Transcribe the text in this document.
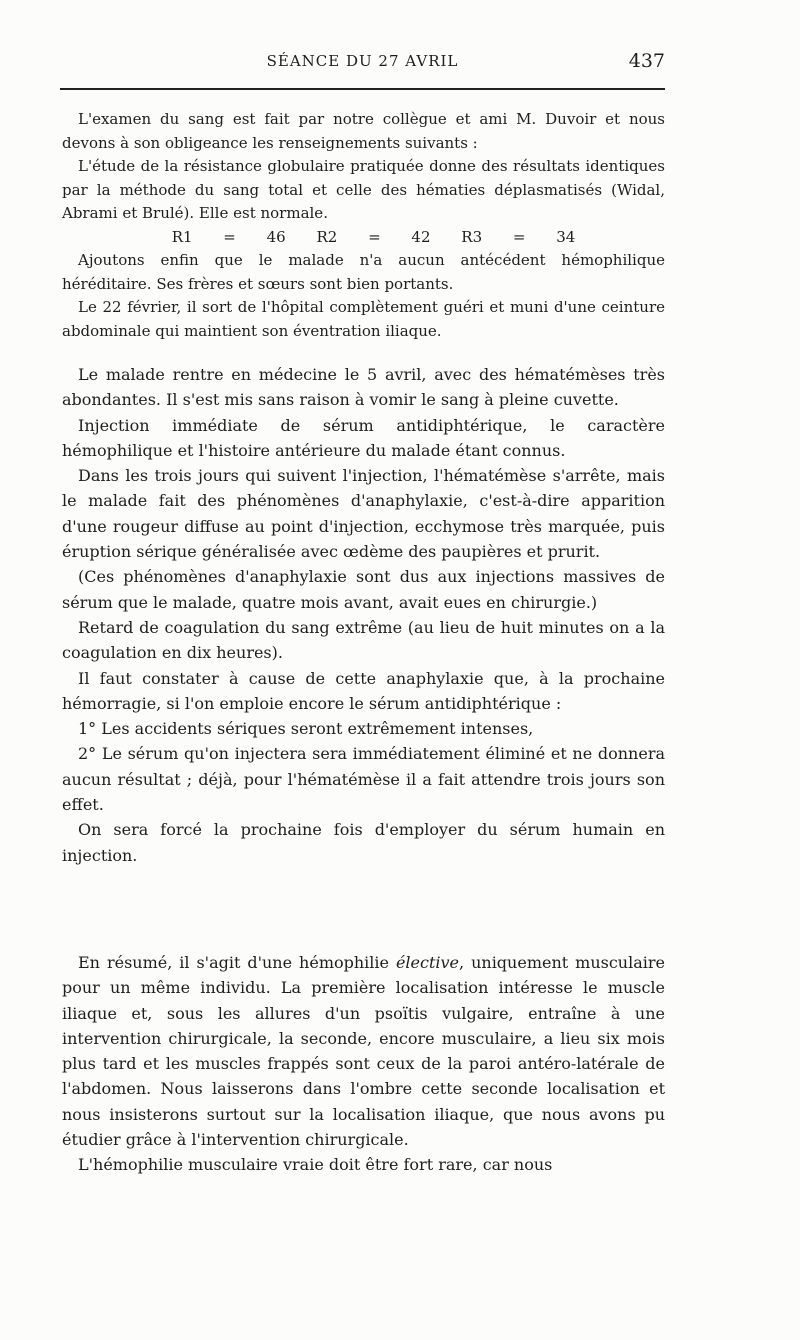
SÉANCE DU 27 AVRIL	437

L'examen du sang est fait par notre collègue et ami M. Duvoir et nous devons à son obligeance les renseignements suivants :

L'étude de la résistance globulaire pratiquée donne des résultats identiques par la méthode du sang total et celle des hématies déplasmatisés (Widal, Abrami et Brulé). Elle est normale.

R1 = 46 R2 = 42 R3 = 34

Ajoutons enfin que le malade n'a aucun antécédent hémophilique héréditaire. Ses frères et sœurs sont bien portants.

Le 22 février, il sort de l'hôpital complètement guéri et muni d'une ceinture abdominale qui maintient son éventration iliaque.

Le malade rentre en médecine le 5 avril, avec des hématémèses très abondantes. Il s'est mis sans raison à vomir le sang à pleine cuvette.

Injection immédiate de sérum antidiphtérique, le caractère hémophilique et l'histoire antérieure du malade étant connus.

Dans les trois jours qui suivent l'injection, l'hématémèse s'arrête, mais le malade fait des phénomènes d'anaphylaxie, c'est-à-dire apparition d'une rougeur diffuse au point d'injection, ecchymose très marquée, puis éruption sérique généralisée avec œdème des paupières et prurit.

(Ces phénomènes d'anaphylaxie sont dus aux injections massives de sérum que le malade, quatre mois avant, avait eues en chirurgie.)

Retard de coagulation du sang extrême (au lieu de huit minutes on a la coagulation en dix heures).

Il faut constater à cause de cette anaphylaxie que, à la prochaine hémorragie, si l'on emploie encore le sérum antidiphtérique :

1° Les accidents sériques seront extrêmement intenses,

2° Le sérum qu'on injectera sera immédiatement éliminé et ne donnera aucun résultat ; déjà, pour l'hématémèse il a fait attendre trois jours son effet.

On sera forcé la prochaine fois d'employer du sérum humain en injection.

En résumé, il s'agit d'une hémophilie élective, uniquement musculaire pour un même individu. La première localisation intéresse le muscle iliaque et, sous les allures d'un psoïtis vulgaire, entraîne à une intervention chirurgicale, la seconde, encore musculaire, a lieu six mois plus tard et les muscles frappés sont ceux de la paroi antéro-latérale de l'abdomen. Nous laisserons dans l'ombre cette seconde localisation et nous insisterons surtout sur la localisation iliaque, que nous avons pu étudier grâce à l'intervention chirurgicale.

L'hémophilie musculaire vraie doit être fort rare, car nous
